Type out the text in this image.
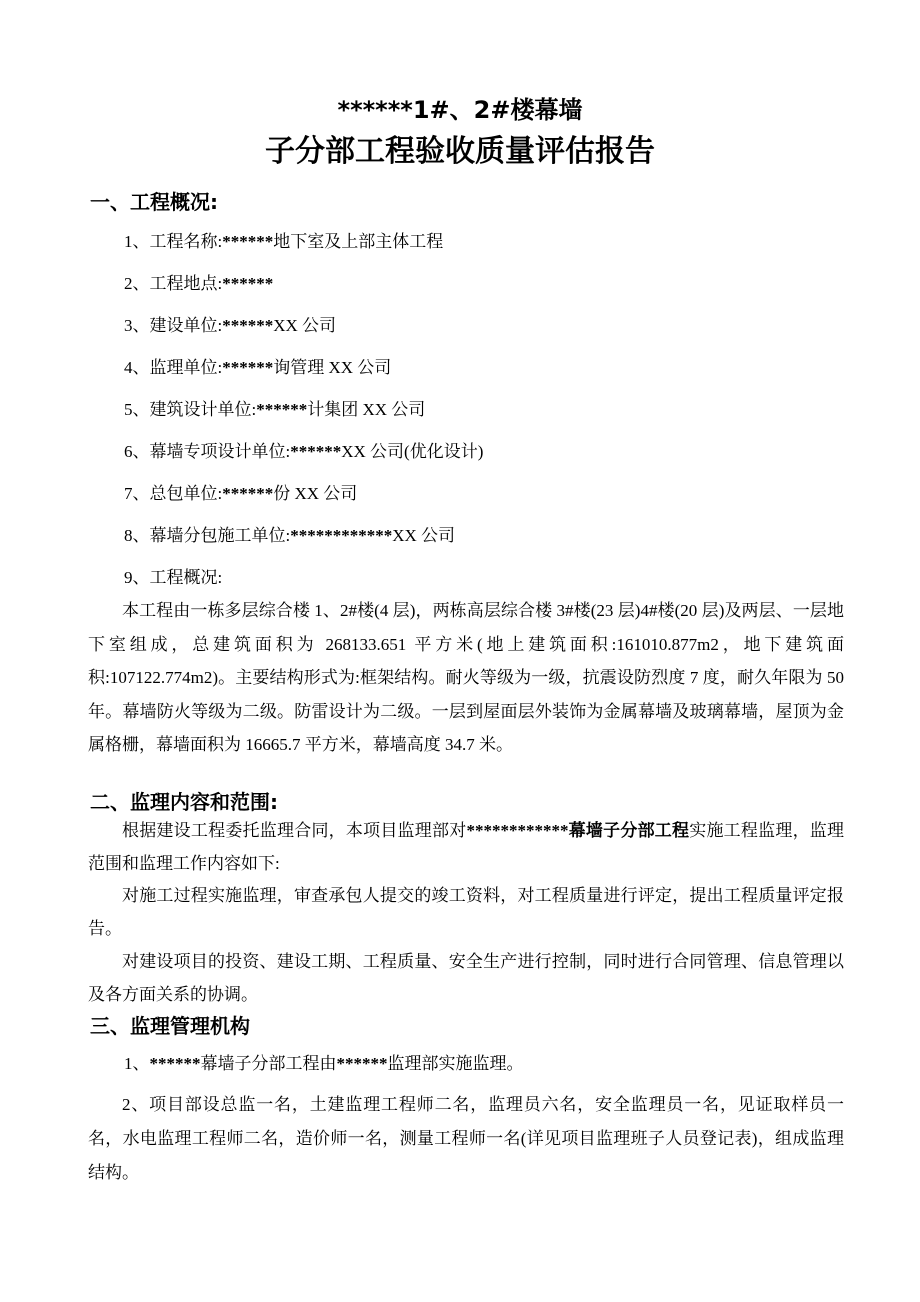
******1#、2#楼幕墙
子分部工程验收质量评估报告
一、工程概况:
1、工程名称:******地下室及上部主体工程
2、工程地点:******
3、建设单位:******XX 公司
4、监理单位:******询管理 XX 公司
5、建筑设计单位:******计集团 XX 公司
6、幕墙专项设计单位:******XX 公司(优化设计)
7、总包单位:******份 XX 公司
8、幕墙分包施工单位:************XX 公司
9、工程概况:
本工程由一栋多层综合楼 1、2#楼(4 层)，两栋高层综合楼 3#楼(23 层)4#楼(20 层)及两层、一层地下室组成，总建筑面积为 268133.651 平方米(地上建筑面积:161010.877m2，地下建筑面积:107122.774m2)。主要结构形式为:框架结构。耐火等级为一级，抗震设防烈度 7 度，耐久年限为 50 年。幕墙防火等级为二级。防雷设计为二级。一层到屋面层外装饰为金属幕墙及玻璃幕墙，屋顶为金属格栅，幕墙面积为 16665.7 平方米，幕墙高度 34.7 米。
二、监理内容和范围:
根据建设工程委托监理合同，本项目监理部对************幕墙子分部工程实施工程监理，监理范围和监理工作内容如下:
对施工过程实施监理，审查承包人提交的竣工资料，对工程质量进行评定，提出工程质量评定报告。
对建设项目的投资、建设工期、工程质量、安全生产进行控制，同时进行合同管理、信息管理以及各方面关系的协调。
三、监理管理机构
1、******幕墙子分部工程由******监理部实施监理。
2、项目部设总监一名，土建监理工程师二名，监理员六名，安全监理员一名，见证取样员一名，水电监理工程师二名，造价师一名，测量工程师一名(详见项目监理班子人员登记表)，组成监理结构。
